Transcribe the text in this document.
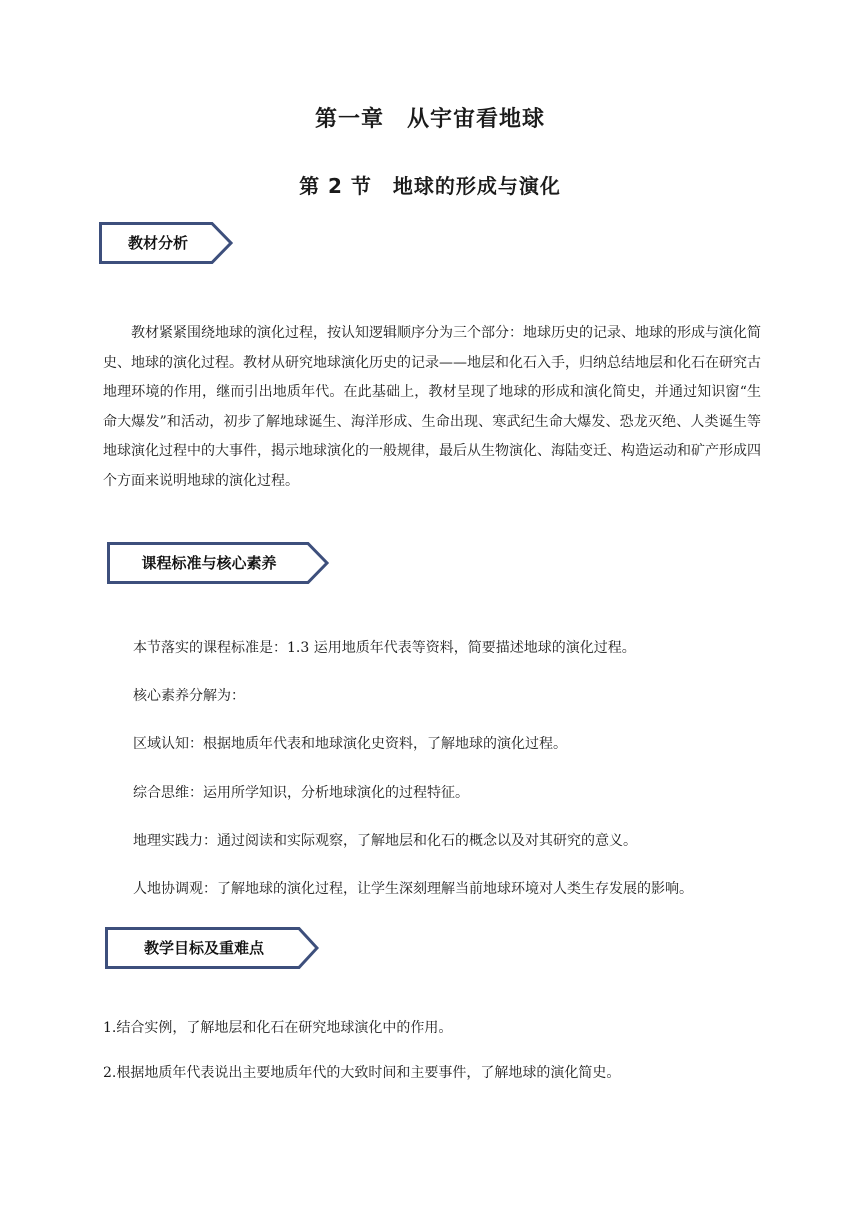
第一章　从宇宙看地球
第 2 节　地球的形成与演化
教材分析

教材紧紧围绕地球的演化过程，按认知逻辑顺序分为三个部分：地球历史的记录、地球的形成与演化简史、地球的演化过程。教材从研究地球演化历史的记录——地层和化石入手，归纳总结地层和化石在研究古地理环境的作用，继而引出地质年代。在此基础上，教材呈现了地球的形成和演化简史，并通过知识窗“生命大爆发”和活动，初步了解地球诞生、海洋形成、生命出现、寒武纪生命大爆发、恐龙灭绝、人类诞生等地球演化过程中的大事件，揭示地球演化的一般规律，最后从生物演化、海陆变迁、构造运动和矿产形成四个方面来说明地球的演化过程。

课程标准与核心素养

本节落实的课程标准是：1.3 运用地质年代表等资料，简要描述地球的演化过程。

核心素养分解为：

区域认知：根据地质年代表和地球演化史资料，了解地球的演化过程。

综合思维：运用所学知识，分析地球演化的过程特征。

地理实践力：通过阅读和实际观察，了解地层和化石的概念以及对其研究的意义。

人地协调观：了解地球的演化过程，让学生深刻理解当前地球环境对人类生存发展的影响。

教学目标及重难点

1.结合实例，了解地层和化石在研究地球演化中的作用。

2.根据地质年代表说出主要地质年代的大致时间和主要事件，了解地球的演化简史。
